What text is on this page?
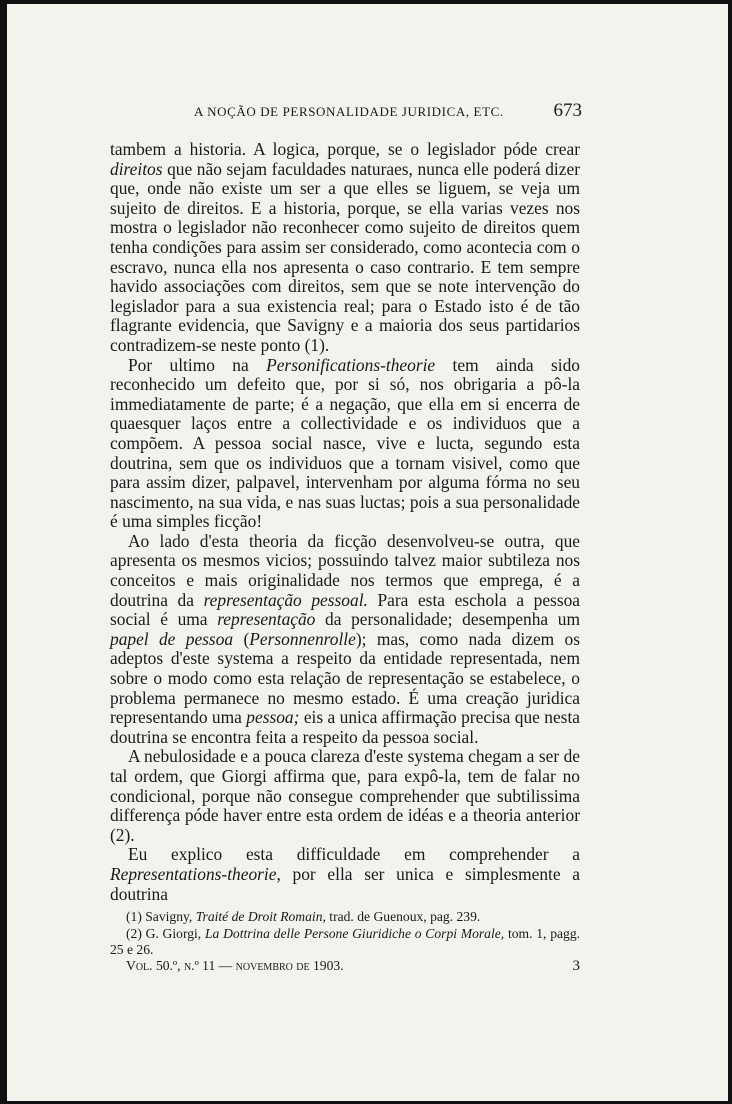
A NOÇÃO DE PERSONALIDADE JURIDICA, ETC.	673

tambem a historia. A logica, porque, se o legislador póde crear direitos que não sejam faculdades naturaes, nunca elle poderá dizer que, onde não existe um ser a que elles se liguem, se veja um sujeito de direitos. E a historia, porque, se ella varias vezes nos mostra o legislador não reconhecer como sujeito de direitos quem tenha condições para assim ser considerado, como acontecia com o escravo, nunca ella nos apresenta o caso contrario. E tem sempre havido associações com direitos, sem que se note intervenção do legislador para a sua existencia real; para o Estado isto é de tão flagrante evidencia, que Savigny e a maioria dos seus partidarios contradizem-se neste ponto (1).

Por ultimo na Personifications-theorie tem ainda sido reconhecido um defeito que, por si só, nos obrigaria a pô-la immediatamente de parte; é a negação, que ella em si encerra de quaesquer laços entre a collectividade e os individuos que a compõem. A pessoa social nasce, vive e lucta, segundo esta doutrina, sem que os individuos que a tornam visivel, como que para assim dizer, palpavel, intervenham por alguma fórma no seu nascimento, na sua vida, e nas suas luctas; pois a sua personalidade é uma simples ficção!

Ao lado d'esta theoria da ficção desenvolveu-se outra, que apresenta os mesmos vicios; possuindo talvez maior subtileza nos conceitos e mais originalidade nos termos que emprega, é a doutrina da representação pessoal. Para esta escholа a pessoa social é uma representação da personalidade; desempenha um papel de pessoa (Personnenrolle); mas, como nada dizem os adeptos d'este systema a respeito da entidade representada, nem sobre o modo como esta relação de representação se estabelece, o problema permanece no mesmo estado. É uma creação juridica representando uma pessoa; eis a unica affirmação precisa que nesta doutrina se encontra feita a respeito da pessoa social.

A nebulosidade e a pouca clareza d'este systema chegam a ser de tal ordem, que Giorgi affirma que, para expô-la, tem de falar no condicional, porque não consegue comprehender que subtilissima differença póde haver entre esta ordem de idéas e a theoria anterior (2).

Eu explico esta difficuldade em comprehender a Representations-theorie, por ella ser unica e simplesmente a doutrina

(1) Savigny, Traité de Droit Romain, trad. de Guenoux, pag. 239.

(2) G. Giorgi, La Dottrina delle Persone Giuridiche o Corpi Morale, tom. 1, pagg. 25 e 26.

Vol. 50.º, n.º 11 — novembro de 1903.	3
